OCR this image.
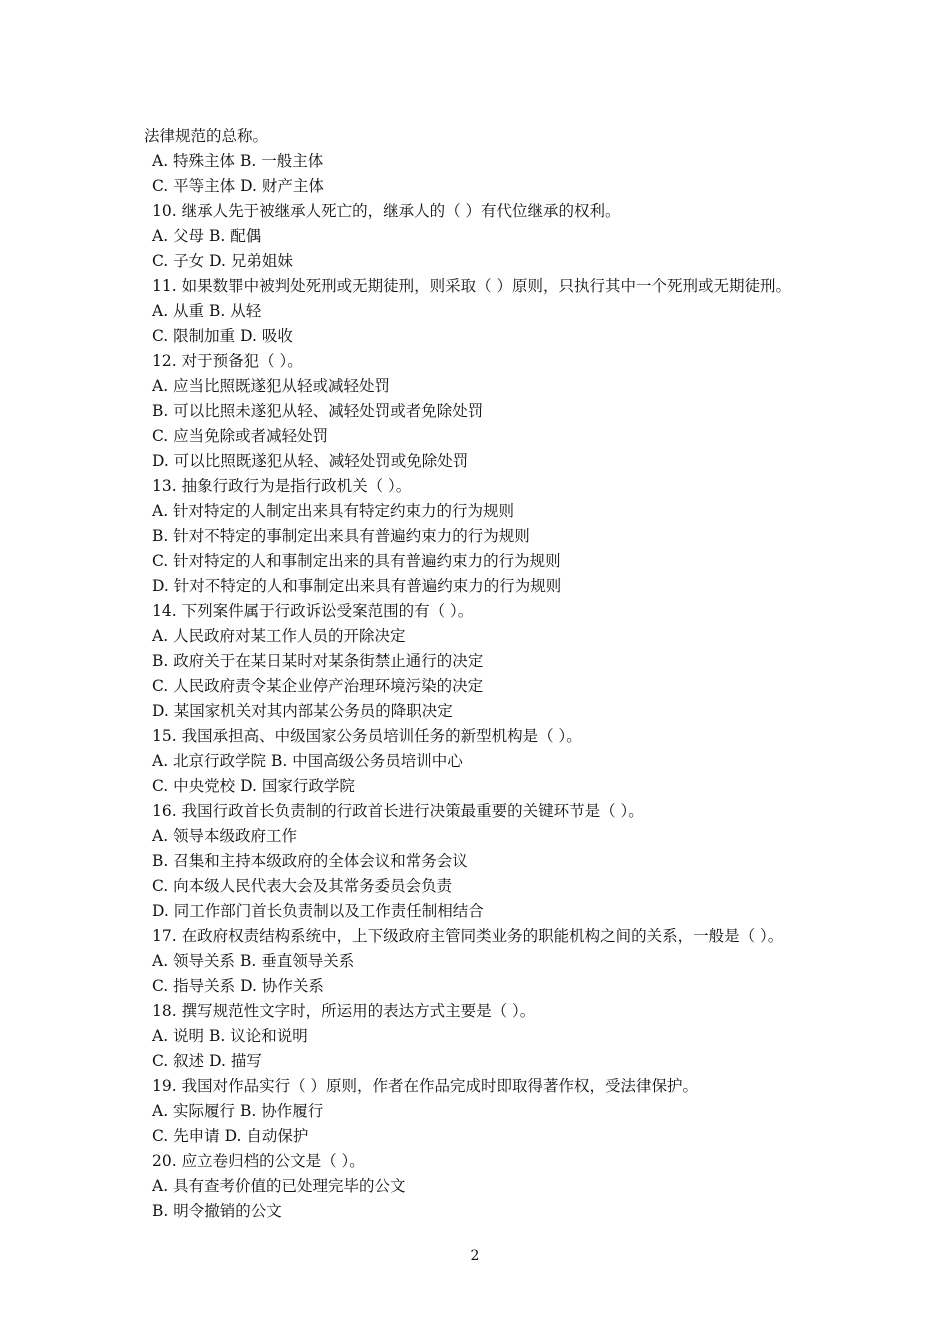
法律规范的总称。
A. 特殊主体 B. 一般主体
C. 平等主体 D. 财产主体
10. 继承人先于被继承人死亡的，继承人的（ ）有代位继承的权利。
A. 父母 B. 配偶
C. 子女 D. 兄弟姐妹
11. 如果数罪中被判处死刑或无期徒刑，则采取（ ）原则，只执行其中一个死刑或无期徒刑。
A. 从重 B. 从轻
C. 限制加重 D. 吸收
12. 对于预备犯（ ）。
A. 应当比照既遂犯从轻或减轻处罚
B. 可以比照未遂犯从轻、减轻处罚或者免除处罚
C. 应当免除或者减轻处罚
D. 可以比照既遂犯从轻、减轻处罚或免除处罚
13. 抽象行政行为是指行政机关（ ）。
A. 针对特定的人制定出来具有特定约束力的行为规则
B. 针对不特定的事制定出来具有普遍约束力的行为规则
C. 针对特定的人和事制定出来的具有普遍约束力的行为规则
D. 针对不特定的人和事制定出来具有普遍约束力的行为规则
14. 下列案件属于行政诉讼受案范围的有（ ）。
A. 人民政府对某工作人员的开除决定
B. 政府关于在某日某时对某条街禁止通行的决定
C. 人民政府责令某企业停产治理环境污染的决定
D. 某国家机关对其内部某公务员的降职决定
15. 我国承担高、中级国家公务员培训任务的新型机构是（ ）。
A. 北京行政学院 B. 中国高级公务员培训中心
C. 中央党校 D. 国家行政学院
16. 我国行政首长负责制的行政首长进行决策最重要的关键环节是（ ）。
A. 领导本级政府工作
B. 召集和主持本级政府的全体会议和常务会议
C. 向本级人民代表大会及其常务委员会负责
D. 同工作部门首长负责制以及工作责任制相结合
17. 在政府权责结构系统中，上下级政府主管同类业务的职能机构之间的关系，一般是（ ）。
A. 领导关系 B. 垂直领导关系
C. 指导关系 D. 协作关系
18. 撰写规范性文字时，所运用的表达方式主要是（ ）。
A. 说明 B. 议论和说明
C. 叙述 D. 描写
19. 我国对作品实行（ ）原则，作者在作品完成时即取得著作权，受法律保护。
A. 实际履行 B. 协作履行
C. 先申请 D. 自动保护
20. 应立卷归档的公文是（ ）。
A. 具有查考价值的已处理完毕的公文
B. 明令撤销的公文
2
